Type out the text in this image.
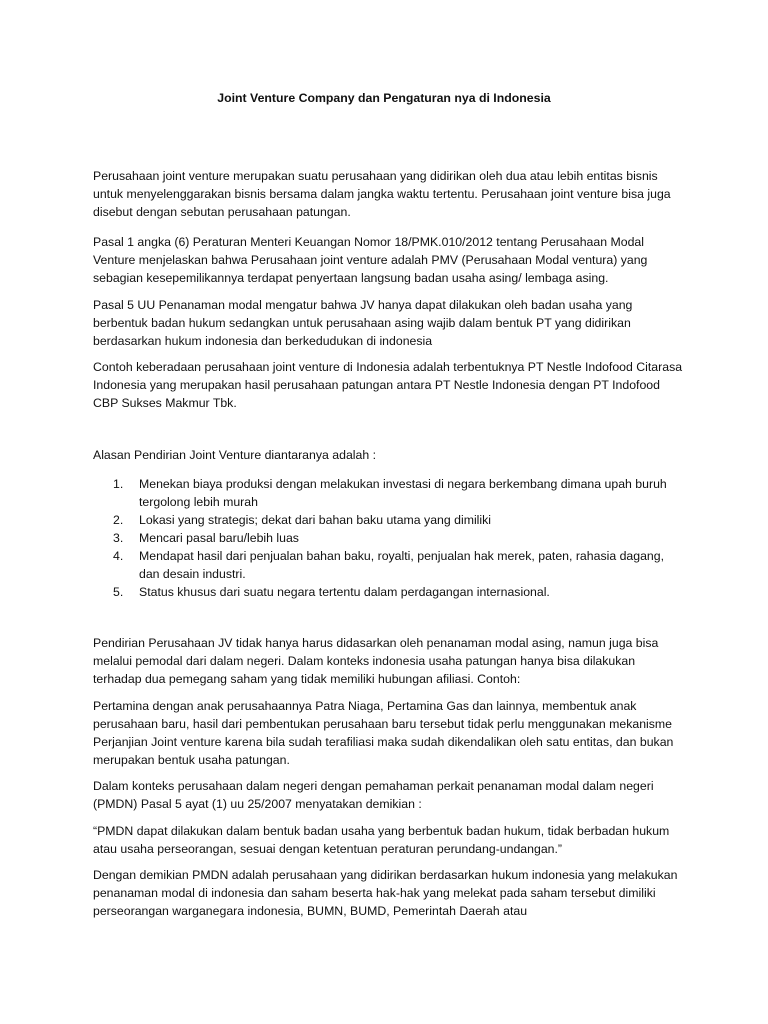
Joint Venture Company dan Pengaturan nya di Indonesia

Perusahaan joint venture merupakan suatu perusahaan yang didirikan oleh dua atau lebih entitas bisnis untuk menyelenggarakan bisnis bersama dalam jangka waktu tertentu. Perusahaan joint venture bisa juga disebut dengan sebutan perusahaan patungan.

Pasal 1 angka (6) Peraturan Menteri Keuangan Nomor 18/PMK.010/2012 tentang Perusahaan Modal Venture menjelaskan bahwa Perusahaan joint venture adalah PMV (Perusahaan Modal ventura) yang sebagian kesepemilikannya terdapat penyertaan langsung badan usaha asing/ lembaga asing.

Pasal 5 UU Penanaman modal mengatur bahwa JV hanya dapat dilakukan oleh badan usaha yang berbentuk badan hukum sedangkan untuk perusahaan asing wajib dalam bentuk PT yang didirikan berdasarkan hukum indonesia dan berkedudukan di indonesia

Contoh keberadaan perusahaan joint venture di Indonesia adalah terbentuknya PT Nestle Indofood Citarasa Indonesia yang merupakan hasil perusahaan patungan antara PT Nestle Indonesia dengan PT Indofood CBP Sukses Makmur Tbk.

Alasan Pendirian Joint Venture diantaranya adalah :

1.	Menekan biaya produksi dengan melakukan investasi di negara berkembang dimana upah buruh tergolong lebih murah
2.	Lokasi yang strategis; dekat dari bahan baku utama yang dimiliki
3.	Mencari pasal baru/lebih luas
4.	Mendapat hasil dari penjualan bahan baku, royalti, penjualan hak merek, paten, rahasia dagang, dan desain industri.
5.	Status khusus dari suatu negara tertentu dalam perdagangan internasional.

Pendirian Perusahaan JV tidak hanya harus didasarkan oleh penanaman modal asing, namun juga bisa melalui pemodal dari dalam negeri. Dalam konteks indonesia usaha patungan hanya bisa dilakukan terhadap dua pemegang saham yang tidak memiliki hubungan afiliasi. Contoh:

Pertamina dengan anak perusahaannya Patra Niaga, Pertamina Gas dan lainnya, membentuk anak perusahaan baru, hasil dari pembentukan perusahaan baru tersebut tidak perlu menggunakan mekanisme Perjanjian Joint venture karena bila sudah terafiliasi maka sudah dikendalikan oleh satu entitas, dan bukan merupakan bentuk usaha patungan.

Dalam konteks perusahaan dalam negeri dengan pemahaman perkait penanaman modal dalam negeri (PMDN) Pasal 5 ayat (1) uu 25/2007 menyatakan demikian :

“PMDN dapat dilakukan dalam bentuk badan usaha yang berbentuk badan hukum, tidak berbadan hukum atau usaha perseorangan, sesuai dengan ketentuan peraturan perundang-undangan.”

Dengan demikian PMDN adalah perusahaan yang didirikan berdasarkan hukum indonesia yang melakukan penanaman modal di indonesia dan saham beserta hak-hak yang melekat pada saham tersebut dimiliki perseorangan warganegara indonesia, BUMN, BUMD, Pemerintah Daerah atau
